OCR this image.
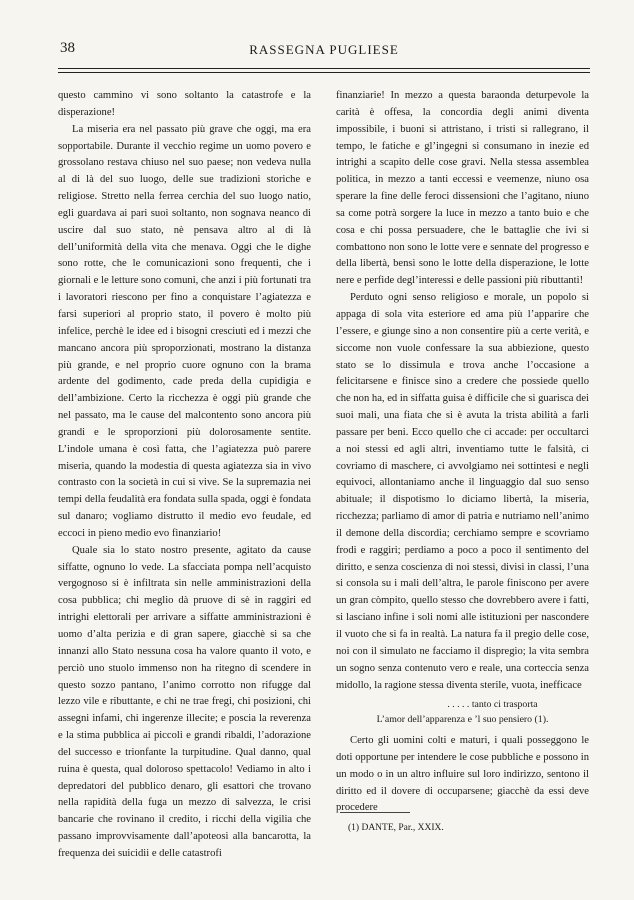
38	RASSEGNA PUGLIESE

questo cammino vi sono soltanto la catastrofe e la disperazione!

La miseria era nel passato più grave che oggi, ma era sopportabile. Durante il vecchio regime un uomo povero e grossolano restava chiuso nel suo paese; non vedeva nulla al di là del suo luogo, delle sue tradizioni storiche e religiose. Stretto nella ferrea cerchia del suo luogo natio, egli guardava ai pari suoi soltanto, non sognava neanco di uscire dal suo stato, nè pensava altro al di là dell’uniformità della vita che menava. Oggi che le dighe sono rotte, che le comunicazioni sono frequenti, che i giornali e le letture sono comuni, che anzi i più fortunati tra i lavoratori riescono per fino a conquistare l’agiatezza e farsi superiori al proprio stato, il povero è molto più infelice, perchè le idee ed i bisogni cresciuti ed i mezzi che mancano ancora più sproporzionati, mostrano la distanza più grande, e nel proprio cuore ognuno con la brama ardente del godimento, cade preda della cupidigia e dell’ambizione. Certo la ricchezza è oggi più grande che nel passato, ma le cause del malcontento sono ancora più grandi e le sproporzioni più dolorosamente sentite. L’indole umana è così fatta, che l’agiatezza può parere miseria, quando la modestia di questa agiatezza sia in vivo contrasto con la società in cui si vive. Se la supremazia nei tempi della feudalità era fondata sulla spada, oggi è fondata sul danaro; vogliamo distrutto il medio evo feudale, ed eccoci in pieno medio evo finanziario!

Quale sia lo stato nostro presente, agitato da cause siffatte, ognuno lo vede. La sfacciata pompa nell’acquisto vergognoso si è infiltrata sin nelle amministrazioni della cosa pubblica; chi meglio dà pruove di sè in raggiri ed intrighi elettorali per arrivare a siffatte amministrazioni è uomo d’alta perizia e di gran sapere, giacchè si sa che innanzi allo Stato nessuna cosa ha valore quanto il voto, e perciò uno stuolo immenso non ha ritegno di scendere in questo sozzo pantano, l’animo corrotto non rifugge dal lezzo vile e ributtante, e chi ne trae fregi, chi posizioni, chi assegni infami, chi ingerenze illecite; e poscia la reverenza e la stima pubblica ai piccoli e grandi ribaldi, l’adorazione del successo e trionfante la turpitudine. Qual danno, qual ruina è questa, qual doloroso spettacolo! Vediamo in alto i depredatori del pubblico denaro, gli esattori che trovano nella rapidità della fuga un mezzo di salvezza, le crisi bancarie che rovinano il credito, i ricchi della vigilia che passano improvvisamente dall’apoteosi alla bancarotta, la frequenza dei suicidii e delle catastrofi

finanziarie! In mezzo a questa baraonda deturpevole la carità è offesa, la concordia degli animi diventa impossibile, i buoni si attristano, i tristi si rallegrano, il tempo, le fatiche e gl’ingegni si consumano in inezie ed intrighi a scapito delle cose gravi. Nella stessa assemblea politica, in mezzo a tanti eccessi e veemenze, niuno osa sperare la fine delle feroci dissensioni che l’agitano, niuno sa come potrà sorgere la luce in mezzo a tanto buio e che cosa e chi possa persuadere, che le battaglie che ivi si combattono non sono le lotte vere e sennate del progresso e della libertà, bensì sono le lotte della disperazione, le lotte nere e perfide degl’interessi e delle passioni più ributtanti!

Perduto ogni senso religioso e morale, un popolo si appaga di sola vita esteriore ed ama più l’apparire che l’essere, e giunge sino a non consentire più a certe verità, e siccome non vuole confessare la sua abbiezione, questo stato se lo dissimula e trova anche l’occasione a felicitarsene e finisce sino a credere che possiede quello che non ha, ed in siffatta guisa è difficile che si guarisca dei suoi mali, una fiata che si è avuta la trista abilità a farli passare per beni. Ecco quello che ci accade: per occultarci a noi stessi ed agli altri, inventiamo tutte le falsità, ci covriamo di maschere, ci avvolgiamo nei sottintesi e negli equivoci, allontaniamo anche il linguaggio dal suo senso abituale; il dispotismo lo diciamo libertà, la miseria, ricchezza; parliamo di amor di patria e nutriamo nell’animo il demone della discordia; cerchiamo sempre e scovriamo frodi e raggiri; perdiamo a poco a poco il sentimento del diritto, e senza coscienza di noi stessi, divisi in classi, l’una si consola su i mali dell’altra, le parole finiscono per avere un gran còmpito, quello stesso che dovrebbero avere i fatti, si lasciano infine i soli nomi alle istituzioni per nascondere il vuoto che si fa in realtà. La natura fa il pregio delle cose, noi con il simulato ne facciamo il dispregio; la vita sembra un sogno senza contenuto vero e reale, una corteccia senza midollo, la ragione stessa diventa sterile, vuota, inefficace

. . . . . tanto ci trasporta
L’amor dell’apparenza e ’l suo pensiero (1).

Certo gli uomini colti e maturi, i quali posseggono le doti opportune per intendere le cose pubbliche e possono in un modo o in un altro influire sul loro indirizzo, sentono il diritto ed il dovere di occuparsene; giacchè da essi deve procedere

(1) DANTE, Par., XXIX.
